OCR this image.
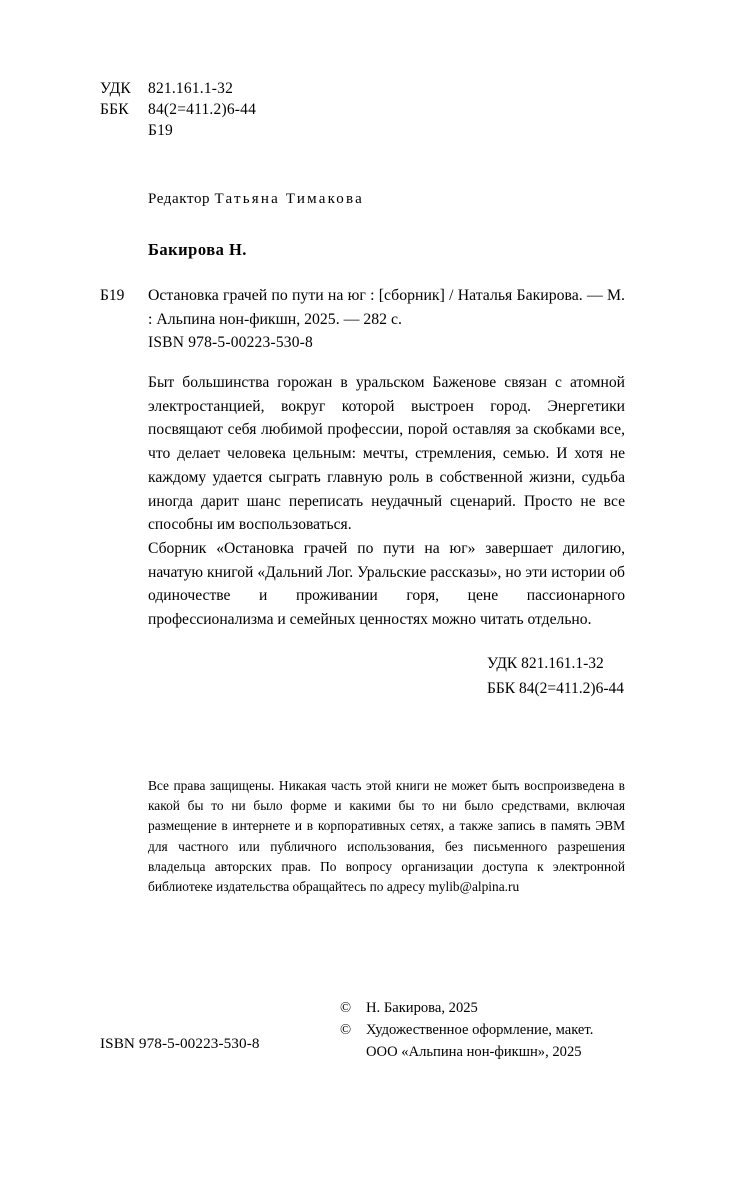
УДК 821.161.1-32
ББК 84(2=411.2)6-44
Б19
Редактор Татьяна Тимакова
Бакирова Н.
Б19	Остановка грачей по пути на юг : [сборник] / Наталья Бакирова. — М. : Альпина нон-фикшн, 2025. — 282 с.
ISBN 978-5-00223-530-8

Быт большинства горожан в уральском Баженове связан с атомной электростанцией, вокруг которой выстроен город. Энергетики посвящают себя любимой профессии, порой оставляя за скобками все, что делает человека цельным: мечты, стремления, семью. И хотя не каждому удается сыграть главную роль в собственной жизни, судьба иногда дарит шанс переписать неудачный сценарий. Просто не все способны им воспользоваться.

Сборник «Остановка грачей по пути на юг» завершает дилогию, начатую книгой «Дальний Лог. Уральские рассказы», но эти истории об одиночестве и проживании горя, цене пассионарного профессионализма и семейных ценностях можно читать отдельно.

УДК 821.161.1-32
ББК 84(2=411.2)6-44
Все права защищены. Никакая часть этой книги не может быть воспроизведена в какой бы то ни было форме и какими бы то ни было средствами, включая размещение в интернете и в корпоративных сетях, а также запись в память ЭВМ для частного или публичного использования, без письменного разрешения владельца авторских прав. По вопросу организации доступа к электронной библиотеке издательства обращайтесь по адресу mylib@alpina.ru
©	Н. Бакирова, 2025
©	Художественное оформление, макет.
ООО «Альпина нон-фикшн», 2025
ISBN 978-5-00223-530-8
